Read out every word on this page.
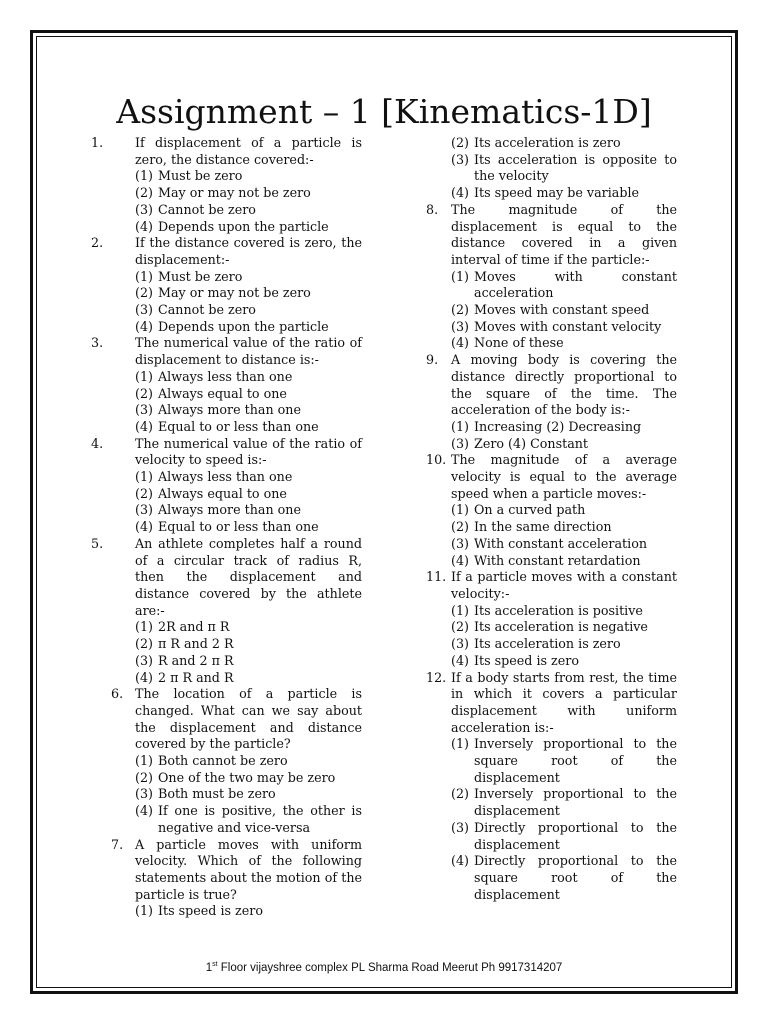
Assignment – 1 [Kinematics-1D]
1.	If displacement of a particle is zero, the distance covered:-
(1) Must be zero
(2) May or may not be zero
(3) Cannot be zero
(4) Depends upon the particle
2.	If the distance covered is zero, the displacement:-
(1) Must be zero
(2) May or may not be zero
(3) Cannot be zero
(4) Depends upon the particle
3.	The numerical value of the ratio of displacement to distance is:-
(1) Always less than one
(2) Always equal to one
(3) Always more than one
(4) Equal to or less than one
4.	The numerical value of the ratio of velocity to speed is:-
(1) Always less than one
(2) Always equal to one
(3) Always more than one
(4) Equal to or less than one
5.	An athlete completes half a round of a circular track of radius R, then the displacement and distance covered by the athlete are:-
(1) 2R and π R
(2) π R and 2 R
(3) R and 2 π R
(4) 2 π R and R
6. The location of a particle is changed. What can we say about the displacement and distance covered by the particle?
(1) Both cannot be zero
(2) One of the two may be zero
(3) Both must be zero
(4) If one is positive, the other is negative and vice-versa
7. A particle moves with uniform velocity. Which of the following statements about the motion of the particle is true?
(1) Its speed is zero
(2) Its acceleration is zero
(3) Its acceleration is opposite to the velocity
(4) Its speed may be variable
8. The magnitude of the displacement is equal to the distance covered in a given interval of time if the particle:-
(1) Moves with constant acceleration
(2) Moves with constant speed
(3) Moves with constant velocity
(4) None of these
9. A moving body is covering the distance directly proportional to the square of the time. The acceleration of the body is:-
(1) Increasing (2) Decreasing
(3) Zero (4) Constant
10. The magnitude of a average velocity is equal to the average speed when a particle moves:-
(1) On a curved path
(2) In the same direction
(3) With constant acceleration
(4) With constant retardation
11. If a particle moves with a constant velocity:-
(1) Its acceleration is positive
(2) Its acceleration is negative
(3) Its acceleration is zero
(4) Its speed is zero
12. If a body starts from rest, the time in which it covers a particular displacement with uniform acceleration is:-
(1) Inversely proportional to the square root of the displacement
(2) Inversely proportional to the displacement
(3) Directly proportional to the displacement
(4) Directly proportional to the square root of the displacement
1st Floor vijayshree complex PL Sharma Road Meerut Ph 9917314207
